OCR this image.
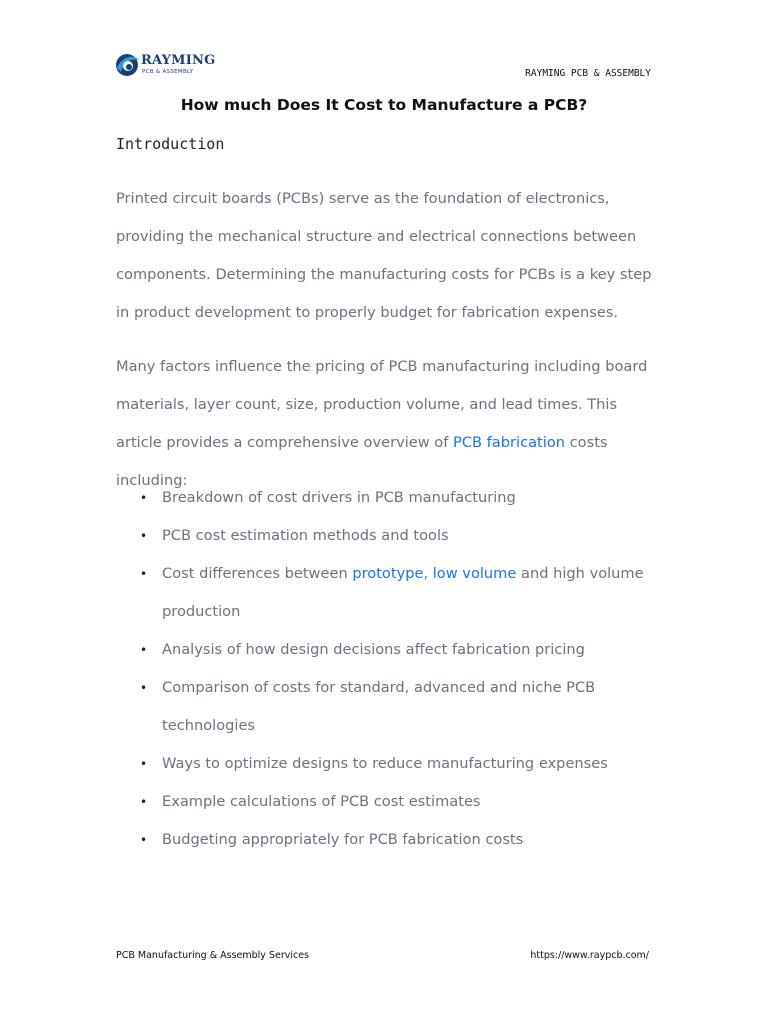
RAYMING
PCB & ASSEMBLY	RAYMING PCB & ASSEMBLY
How much Does It Cost to Manufacture a PCB?
Introduction

Printed circuit boards (PCBs) serve as the foundation of electronics, providing the mechanical structure and electrical connections between components. Determining the manufacturing costs for PCBs is a key step in product development to properly budget for fabrication expenses.

Many factors influence the pricing of PCB manufacturing including board materials, layer count, size, production volume, and lead times. This article provides a comprehensive overview of PCB fabrication costs including:

• Breakdown of cost drivers in PCB manufacturing
• PCB cost estimation methods and tools
• Cost differences between prototype, low volume and high volume production
• Analysis of how design decisions affect fabrication pricing
• Comparison of costs for standard, advanced and niche PCB technologies
• Ways to optimize designs to reduce manufacturing expenses
• Example calculations of PCB cost estimates
• Budgeting appropriately for PCB fabrication costs
PCB Manufacturing & Assembly Services	https://www.raypcb.com/
